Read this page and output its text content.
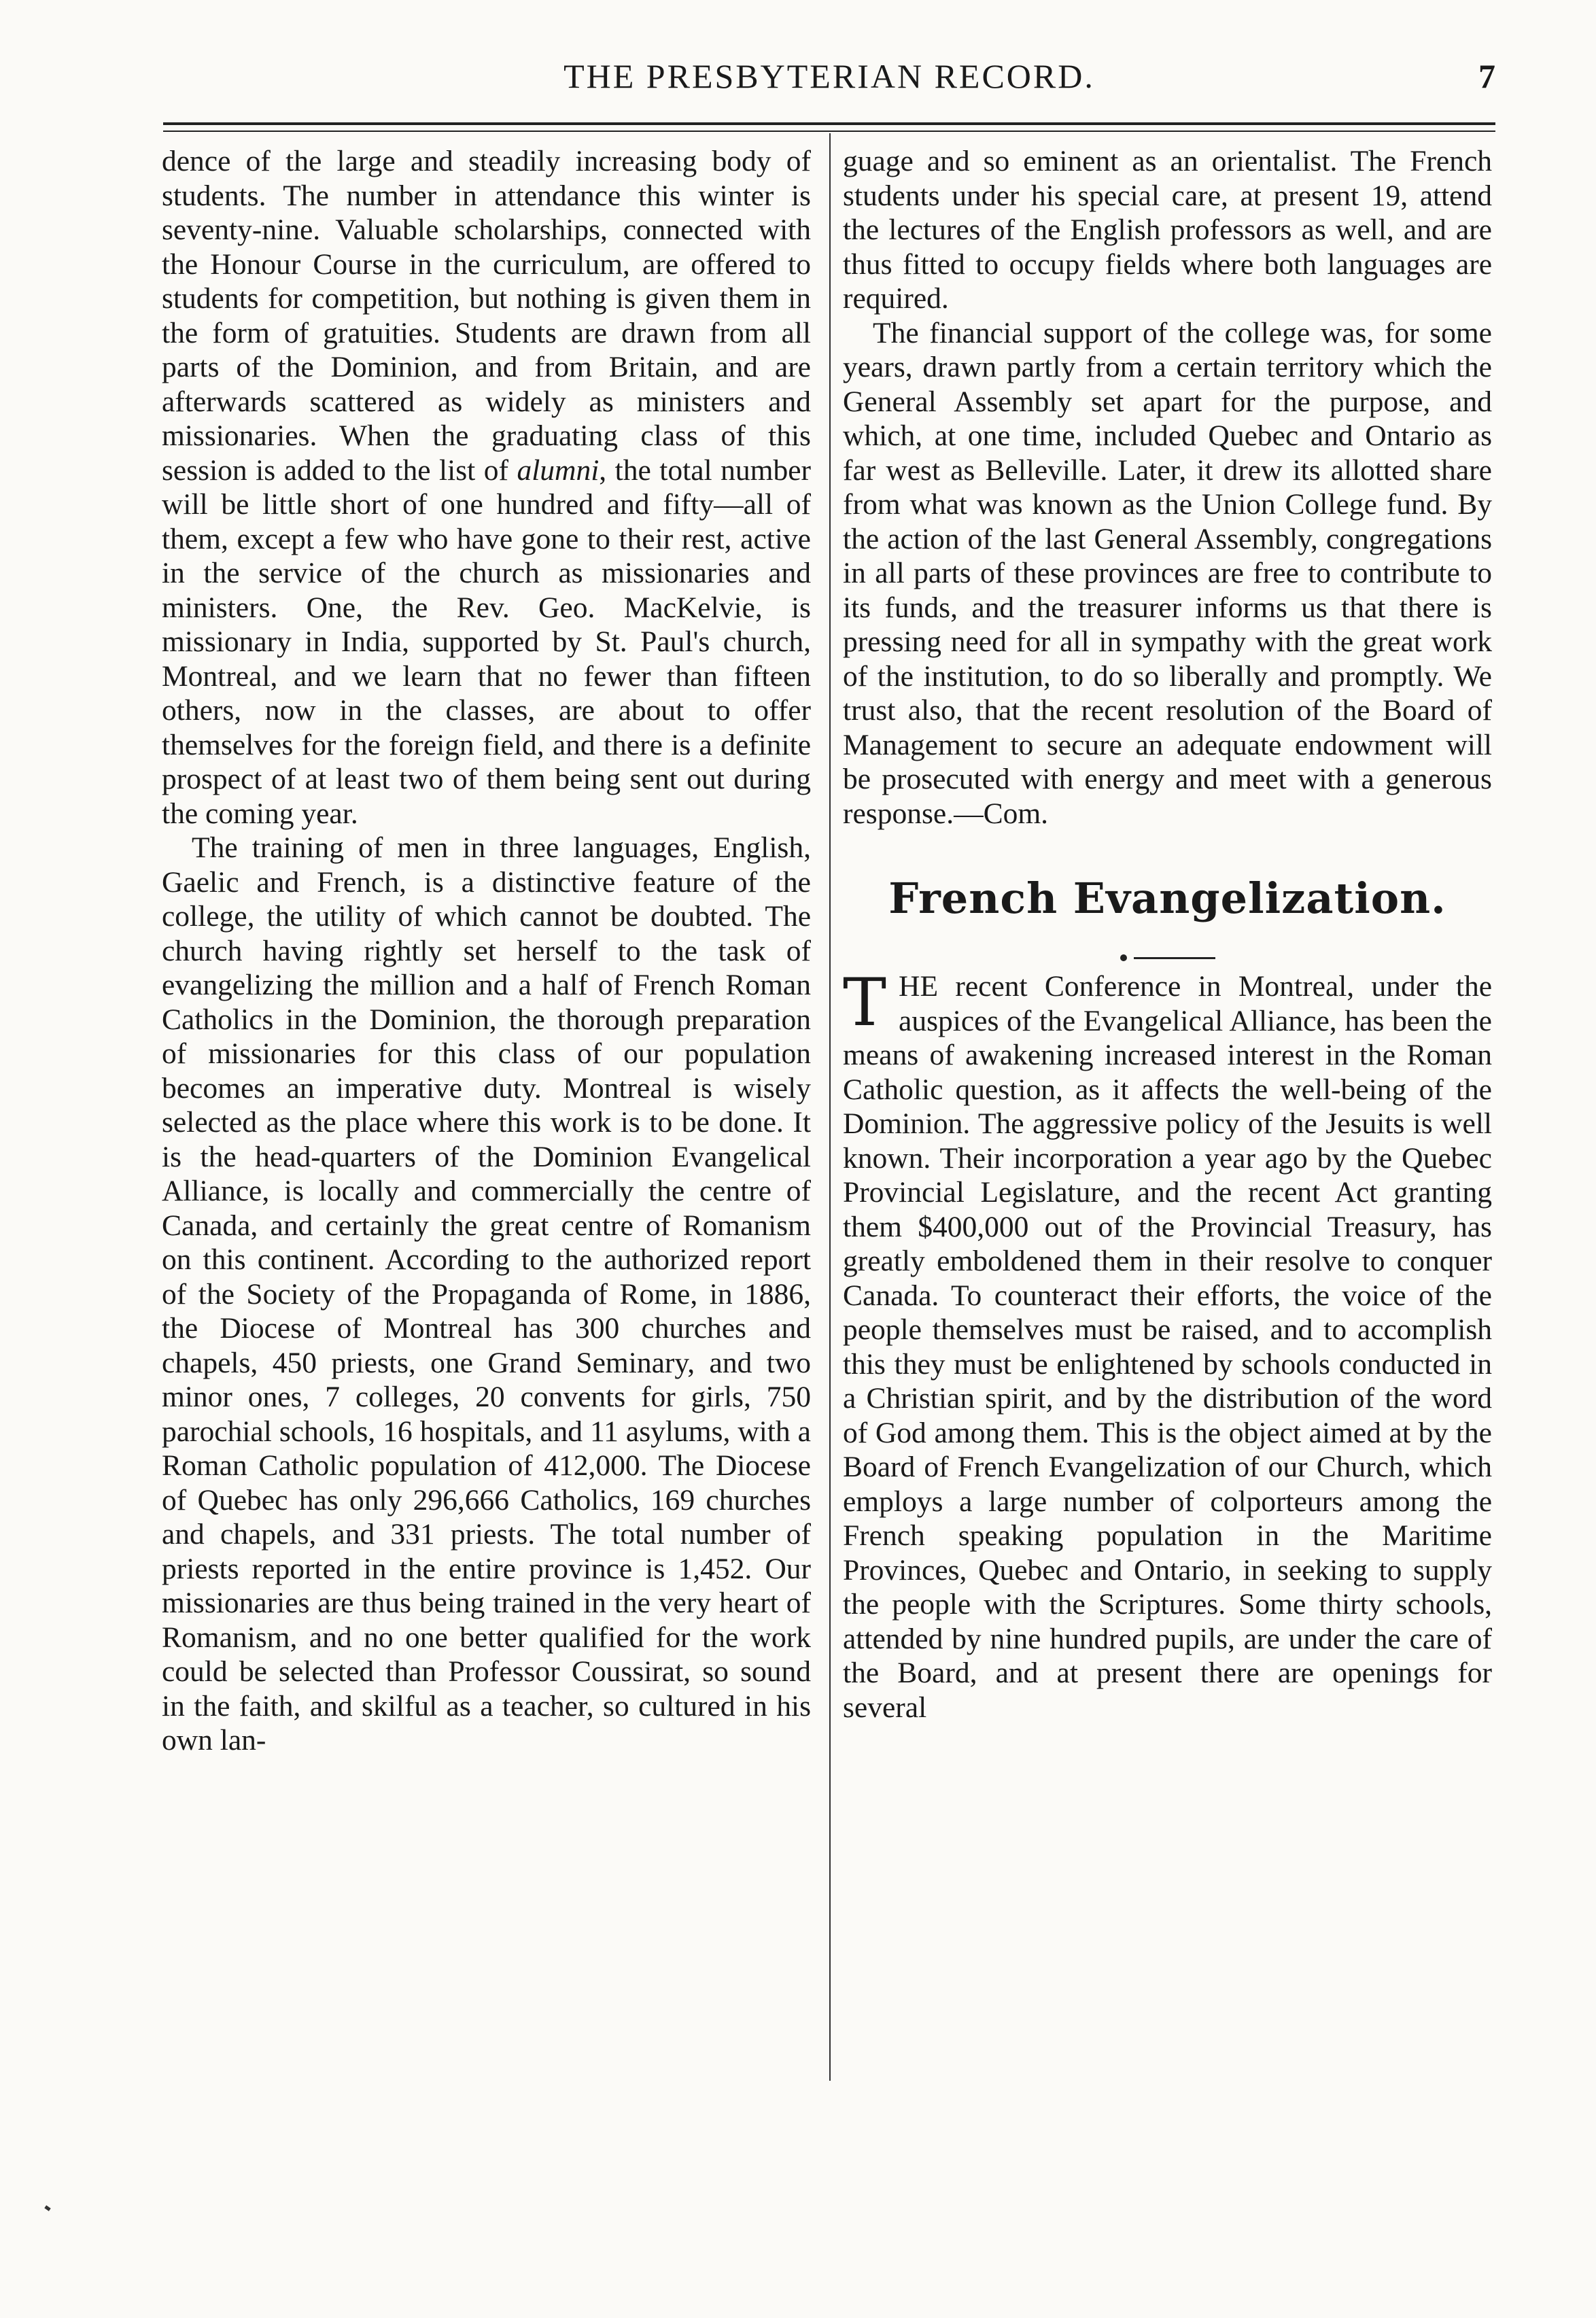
THE PRESBYTERIAN RECORD.	7

dence of the large and steadily increasing body of students. The number in attendance this winter is seventy-nine. Valuable scholarships, connected with the Honour Course in the curriculum, are offered to students for competition, but nothing is given them in the form of gratuities. Students are drawn from all parts of the Dominion, and from Britain, and are afterwards scattered as widely as ministers and missionaries. When the graduating class of this session is added to the list of alumni, the total number will be little short of one hundred and fifty—all of them, except a few who have gone to their rest, active in the service of the church as missionaries and ministers. One, the Rev. Geo. MacKelvie, is missionary in India, supported by St. Paul's church, Montreal, and we learn that no fewer than fifteen others, now in the classes, are about to offer themselves for the foreign field, and there is a definite prospect of at least two of them being sent out during the coming year.

The training of men in three languages, English, Gaelic and French, is a distinctive feature of the college, the utility of which cannot be doubted. The church having rightly set herself to the task of evangelizing the million and a half of French Roman Catholics in the Dominion, the thorough preparation of missionaries for this class of our population becomes an imperative duty. Montreal is wisely selected as the place where this work is to be done. It is the head-quarters of the Dominion Evangelical Alliance, is locally and commercially the centre of Canada, and certainly the great centre of Romanism on this continent. According to the authorized report of the Society of the Propaganda of Rome, in 1886, the Diocese of Montreal has 300 churches and chapels, 450 priests, one Grand Seminary, and two minor ones, 7 colleges, 20 convents for girls, 750 parochial schools, 16 hospitals, and 11 asylums, with a Roman Catholic population of 412,000. The Diocese of Quebec has only 296,666 Catholics, 169 churches and chapels, and 331 priests. The total number of priests reported in the entire province is 1,452. Our missionaries are thus being trained in the very heart of Romanism, and no one better qualified for the work could be selected than Professor Coussirat, so sound in the faith, and skilful as a teacher, so cultured in his own lan-

guage and so eminent as an orientalist. The French students under his special care, at present 19, attend the lectures of the English professors as well, and are thus fitted to occupy fields where both languages are required.

The financial support of the college was, for some years, drawn partly from a certain territory which the General Assembly set apart for the purpose, and which, at one time, included Quebec and Ontario as far west as Belleville. Later, it drew its allotted share from what was known as the Union College fund. By the action of the last General Assembly, congregations in all parts of these provinces are free to contribute to its funds, and the treasurer informs us that there is pressing need for all in sympathy with the great work of the institution, to do so liberally and promptly. We trust also, that the recent resolution of the Board of Management to secure an adequate endowment will be prosecuted with energy and meet with a generous response.—Com.

French Evangelization.

THE recent Conference in Montreal, under the auspices of the Evangelical Alliance, has been the means of awakening increased interest in the Roman Catholic question, as it affects the well-being of the Dominion. The aggressive policy of the Jesuits is well known. Their incorporation a year ago by the Quebec Provincial Legislature, and the recent Act granting them $400,000 out of the Provincial Treasury, has greatly emboldened them in their resolve to conquer Canada. To counteract their efforts, the voice of the people themselves must be raised, and to accomplish this they must be enlightened by schools conducted in a Christian spirit, and by the distribution of the word of God among them. This is the object aimed at by the Board of French Evangelization of our Church, which employs a large number of colporteurs among the French speaking population in the Maritime Provinces, Quebec and Ontario, in seeking to supply the people with the Scriptures. Some thirty schools, attended by nine hundred pupils, are under the care of the Board, and at present there are openings for several
